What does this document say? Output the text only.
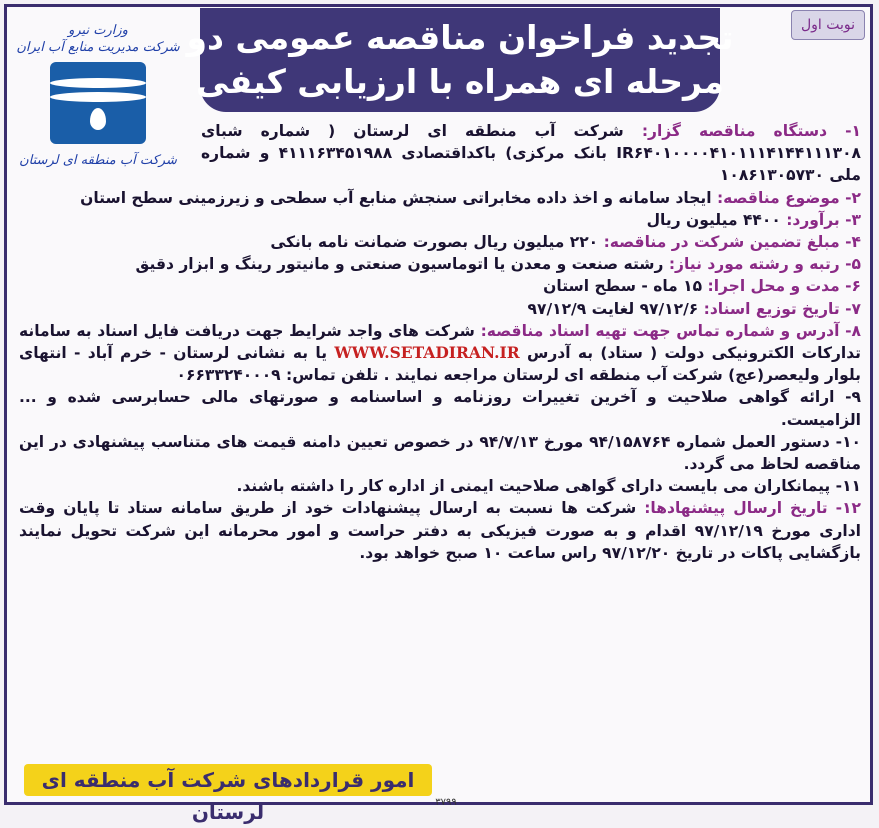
نوبت اول
تجدید فراخوان مناقصه عمومی دو
مرحله ای همراه با ارزیابی کیفی
وزارت نیرو
شرکت مدیریت منابع آب ایران
شرکت آب منطقه ای لرستان

۱- دستگاه مناقصه گزار: شرکت آب منطقه ای لرستان ( شماره شبای IR۶۴۰۱۰۰۰۰۴۱۰۱۱۱۴۱۴۴۱۱۱۳۰۸ بانک مرکزی) باکداقتصادی ۴۱۱۱۶۳۴۵۱۹۸۸ و شماره ملی ۱۰۸۶۱۳۰۵۷۳۰

۲- موضوع مناقصه: ایجاد سامانه و اخذ داده مخابراتی سنجش منابع آب سطحی و زیرزمینی سطح استان

۳- برآورد: ۴۴۰۰ میلیون ریال

۴- مبلغ تضمین شرکت در مناقصه: ۲۲۰ میلیون ریال بصورت ضمانت نامه بانکی

۵- رتبه و رشته مورد نیاز: رشته صنعت و معدن یا اتوماسیون صنعتی و مانیتور رینگ و ابزار دقیق

۶- مدت و محل اجرا: ۱۵ ماه - سطح استان

۷- تاریخ توزیع اسناد: ۹۷/۱۲/۶ لغایت ۹۷/۱۲/۹

۸- آدرس و شماره تماس جهت تهیه اسناد مناقصه: شرکت های واجد شرایط جهت دریافت فایل اسناد به سامانه تدارکات الکترونیکی دولت ( ستاد) به آدرس WWW.SETADIRAN.IR یا به نشانی لرستان - خرم آباد - انتهای بلوار ولیعصر(عج) شرکت آب منطقه ای لرستان مراجعه نمایند . تلفن تماس: ۰۶۶۳۳۲۴۰۰۰۹

۹- ارائه گواهی صلاحیت و آخرین تغییرات روزنامه و اساسنامه و صورتهای مالی حسابرسی شده و ... الزامیست.

۱۰- دستور العمل شماره ۹۴/۱۵۸۷۶۴ مورخ ۹۴/۷/۱۳ در خصوص تعیین دامنه قیمت های متناسب پیشنهادی در این مناقصه لحاظ می گردد.

۱۱- پیمانکاران می بایست دارای گواهی صلاحیت ایمنی از اداره کار را داشته باشند.

۱۲- تاریخ ارسال پیشنهادها: شرکت ها نسبت به ارسال پیشنهادات خود از طریق سامانه ستاد تا پایان وقت اداری مورخ ۹۷/۱۲/۱۹ اقدام و به صورت فیزیکی به دفتر حراست و امور محرمانه این شرکت تحویل نمایند بازگشایی پاکات در تاریخ ۹۷/۱۲/۲۰ راس ساعت ۱۰ صبح خواهد بود.

امور قراردادهای شرکت آب منطقه ای لرستان	۳۷۹۹
